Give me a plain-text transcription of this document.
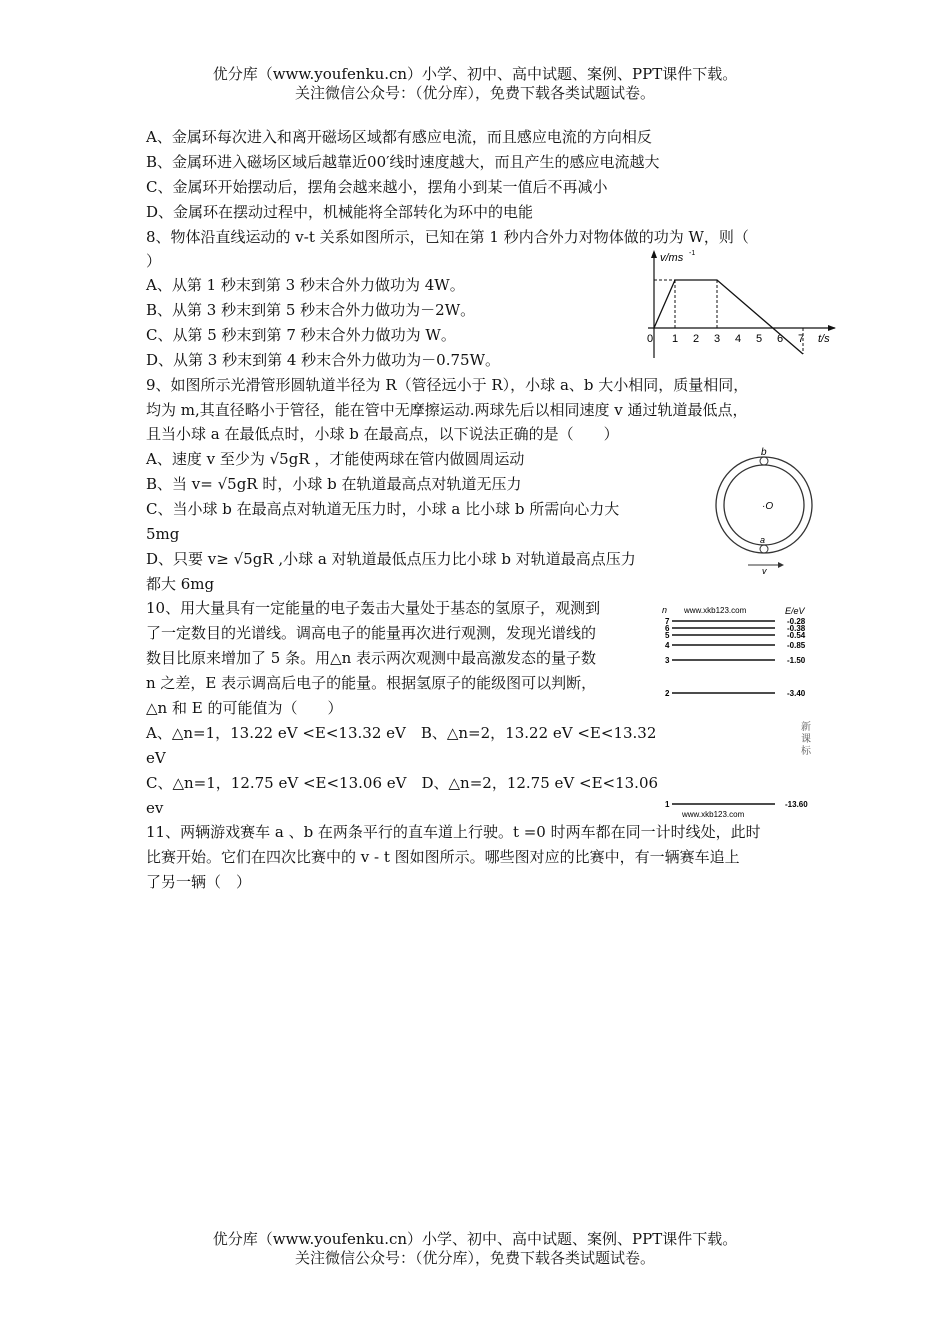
优分库（www.youfenku.cn）小学、初中、高中试题、案例、PPT课件下载。
关注微信公众号：（优分库），免费下载各类试题试卷。
A、金属环每次进入和离开磁场区域都有感应电流，而且感应电流的方向相反
B、金属环进入磁场区域后越靠近00′线时速度越大，而且产生的感应电流越大
C、金属环开始摆动后，摆角会越来越小，摆角小到某一值后不再减小
D、金属环在摆动过程中，机械能将全部转化为环中的电能
8、物体沿直线运动的 v-t 关系如图所示，已知在第 1 秒内合外力对物体做的功为 W，则（
）
A、从第 1 秒末到第 3 秒末合外力做功为 4W。
B、从第 3 秒末到第 5 秒末合外力做功为－2W。
C、从第 5 秒末到第 7 秒末合外力做功为 W。
D、从第 3 秒末到第 4 秒末合外力做功为－0.75W。
v/ms -1
t/s
0 1 2 3 4 5 6 7
9、如图所示光滑管形圆轨道半径为 R（管径远小于 R），小球 a、b 大小相同，质量相同，
均为 m,其直径略小于管径，能在管中无摩擦运动.两球先后以相同速度 v 通过轨道最低点，
且当小球 a 在最低点时，小球 b 在最高点，以下说法正确的是（　　）
A、速度 v 至少为 √5gR ，才能使两球在管内做圆周运动
B、当 v= √5gR 时，小球 b 在轨道最高点对轨道无压力
C、当小球 b 在最高点对轨道无压力时，小球 a 比小球 b 所需向心力大
5mg
D、只要 v≥ √5gR ,小球 a 对轨道最低点压力比小球 b 对轨道最高点压力
都大 6mg
b
·O
a
v
10、用大量具有一定能量的电子轰击大量处于基态的氢原子，观测到
了一定数目的光谱线。调高电子的能量再次进行观测，发现光谱线的
数目比原来增加了 5 条。用△n 表示两次观测中最高激发态的量子数
n 之差，E 表示调高后电子的能量。根据氢原子的能级图可以判断，
△n 和 E 的可能值为（　　）
A、△n=1，13.22 eV <E<13.32 eV　B、△n=2，13.22 eV <E<13.32
eV
C、△n=1，12.75 eV <E<13.06 eV　D、△n=2，12.75 eV <E<13.06
ev
n www.xkb123.com	E/eV
7	-0.28
6	-0.38
5	-0.54
4	-0.85
3	-1.50
2	-3.40
新
课
标
1	-13.60
www.xkb123.com
11、两辆游戏赛车 a 、b 在两条平行的直车道上行驶。t =0 时两车都在同一计时线处，此时
比赛开始。它们在四次比赛中的 v - t 图如图所示。哪些图对应的比赛中，有一辆赛车追上
了另一辆（　）
优分库（www.youfenku.cn）小学、初中、高中试题、案例、PPT课件下载。
关注微信公众号：（优分库），免费下载各类试题试卷。
